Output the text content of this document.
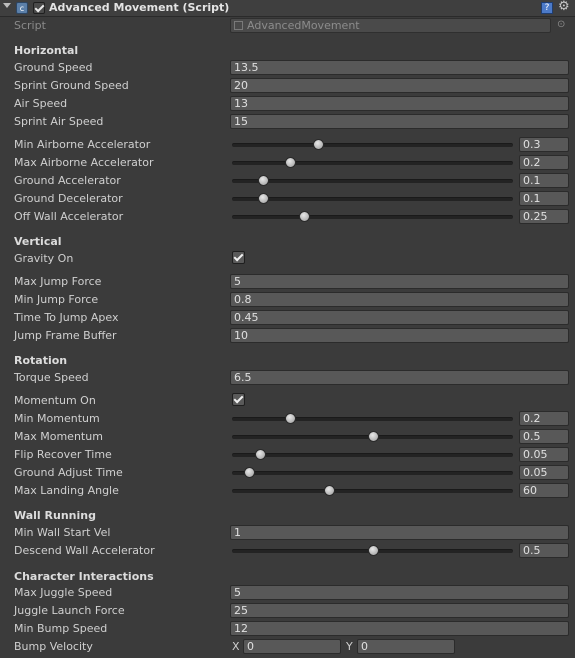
c	Advanced Movement (Script)	? ⚙
Script	AdvancedMovement	⊙
Horizontal
Ground Speed	13.5
Sprint Ground Speed	20
Air Speed	13
Sprint Air Speed	15
Min Airborne Accelerator	0.3
Max Airborne Accelerator	0.2
Ground Accelerator	0.1
Ground Decelerator	0.1
Off Wall Accelerator	0.25
Vertical
Gravity On
Max Jump Force	5
Min Jump Force	0.8
Time To Jump Apex	0.45
Jump Frame Buffer	10
Rotation
Torque Speed	6.5
Momentum On
Min Momentum	0.2
Max Momentum	0.5
Flip Recover Time	0.05
Ground Adjust Time	0.05
Max Landing Angle	60
Wall Running
Min Wall Start Vel	1
Descend Wall Accelerator	0.5
Character Interactions
Max Juggle Speed	5
Juggle Launch Force	25
Min Bump Speed	12
Bump Velocity	X 0	Y 0
